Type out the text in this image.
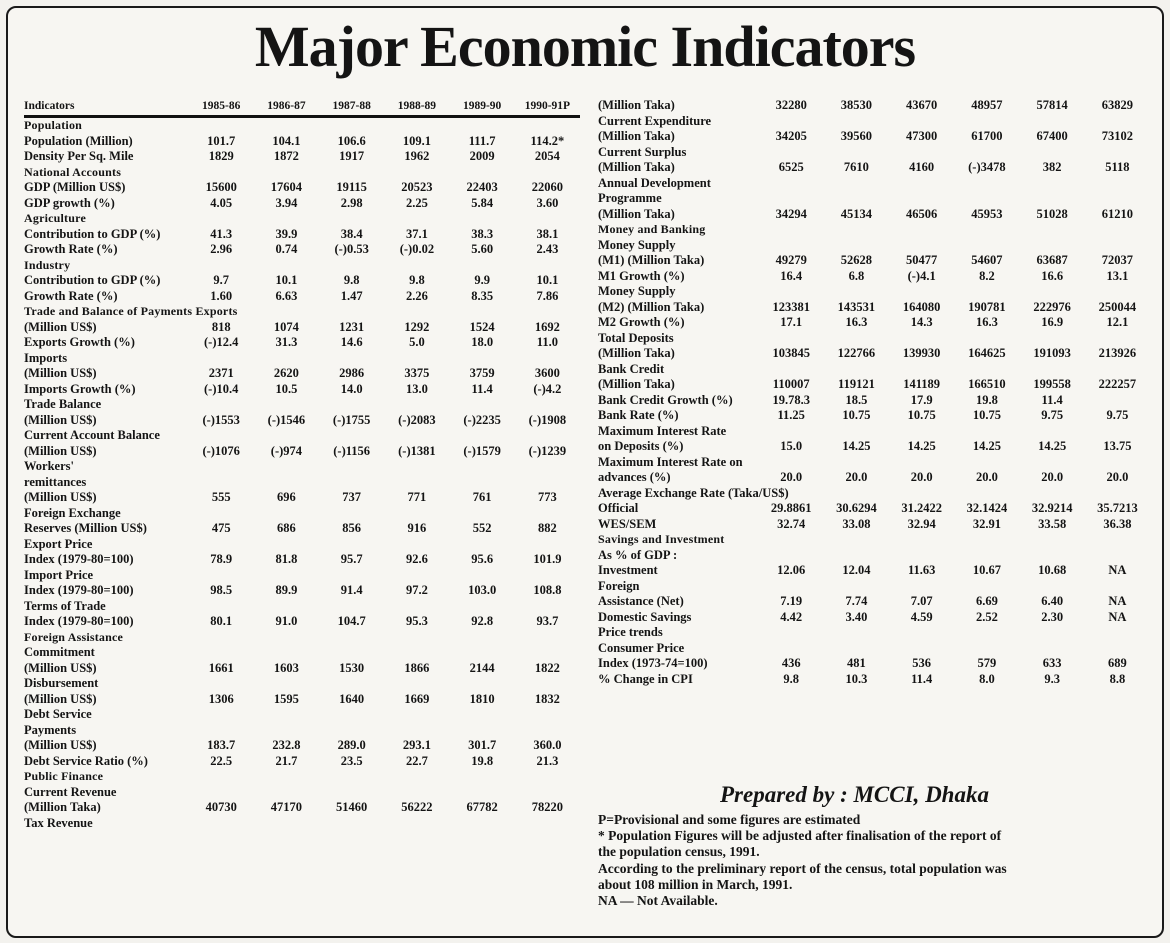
Major Economic Indicators
Indicators	1985-86	1986-87	1987-88	1988-89	1989-90	1990-91P
Population						
Population (Million)	101.7	104.1	106.6	109.1	111.7	114.2*
Density Per Sq. Mile	1829	1872	1917	1962	2009	2054
National Accounts						
GDP (Million US$)	15600	17604	19115	20523	22403	22060
GDP growth (%)	4.05	3.94	2.98	2.25	5.84	3.60
Agriculture						
Contribution to GDP (%)	41.3	39.9	38.4	37.1	38.3	38.1
Growth Rate (%)	2.96	0.74	(-)0.53	(-)0.02	5.60	2.43
Industry						
Contribution to GDP (%)	9.7	10.1	9.8	9.8	9.9	10.1
Growth Rate (%)	1.60	6.63	1.47	2.26	8.35	7.86
Trade and Balance of Payments Exports						
(Million US$)	818	1074	1231	1292	1524	1692
Exports Growth (%)	(-)12.4	31.3	14.6	5.0	18.0	11.0
Imports						
(Million US$)	2371	2620	2986	3375	3759	3600
Imports Growth (%)	(-)10.4	10.5	14.0	13.0	11.4	(-)4.2
Trade Balance						
(Million US$)	(-)1553	(-)1546	(-)1755	(-)2083	(-)2235	(-)1908
Current Account Balance						
(Million US$)	(-)1076	(-)974	(-)1156	(-)1381	(-)1579	(-)1239
Workers'						
remittances						
(Million US$)	555	696	737	771	761	773
Foreign Exchange						
Reserves (Million US$)	475	686	856	916	552	882
Export Price						
Index (1979-80=100)	78.9	81.8	95.7	92.6	95.6	101.9
Import Price						
Index (1979-80=100)	98.5	89.9	91.4	97.2	103.0	108.8
Terms of Trade						
Index (1979-80=100)	80.1	91.0	104.7	95.3	92.8	93.7
Foreign Assistance						
Commitment						
(Million US$)	1661	1603	1530	1866	2144	1822
Disbursement						
(Million US$)	1306	1595	1640	1669	1810	1832
Debt Service						
Payments						
(Million US$)	183.7	232.8	289.0	293.1	301.7	360.0
Debt Service Ratio (%)	22.5	21.7	23.5	22.7	19.8	21.3
Public Finance						
Current Revenue						
(Million Taka)	40730	47170	51460	56222	67782	78220
Tax Revenue						
(Million Taka)	32280	38530	43670	48957	57814	63829
Current Expenditure						
(Million Taka)	34205	39560	47300	61700	67400	73102
Current Surplus						
(Million Taka)	6525	7610	4160	(-)3478	382	5118
Annual Development						
Programme						
(Million Taka)	34294	45134	46506	45953	51028	61210
Money and Banking						
Money Supply						
(M1) (Million Taka)	49279	52628	50477	54607	63687	72037
M1 Growth (%)	16.4	6.8	(-)4.1	8.2	16.6	13.1
Money Supply						
(M2) (Million Taka)	123381	143531	164080	190781	222976	250044
M2 Growth (%)	17.1	16.3	14.3	16.3	16.9	12.1
Total Deposits						
(Million Taka)	103845	122766	139930	164625	191093	213926
Bank Credit						
(Million Taka)	110007	119121	141189	166510	199558	222257
Bank Credit Growth (%)	19.78.3	18.5	17.9	19.8	11.4	
Bank Rate (%)	11.25	10.75	10.75	10.75	9.75	9.75
Maximum Interest Rate						
on Deposits (%)	15.0	14.25	14.25	14.25	14.25	13.75
Maximum Interest Rate on						
advances (%)	20.0	20.0	20.0	20.0	20.0	20.0
Average Exchange Rate (Taka/US$)						
Official	29.8861	30.6294	31.2422	32.1424	32.9214	35.7213
WES/SEM	32.74	33.08	32.94	32.91	33.58	36.38
Savings and Investment						
As % of GDP :						
Investment	12.06	12.04	11.63	10.67	10.68	NA
Foreign						
Assistance (Net)	7.19	7.74	7.07	6.69	6.40	NA
Domestic Savings	4.42	3.40	4.59	2.52	2.30	NA
Price trends						
Consumer Price						
Index (1973-74=100)	436	481	536	579	633	689
% Change in CPI	9.8	10.3	11.4	8.0	9.3	8.8
Prepared by : MCCI, Dhaka
P=Provisional and some figures are estimated
* Population Figures will be adjusted after finalisation of the report of
the population census, 1991.
According to the preliminary report of the census, total population was
about 108 million in March, 1991.
NA — Not Available.
